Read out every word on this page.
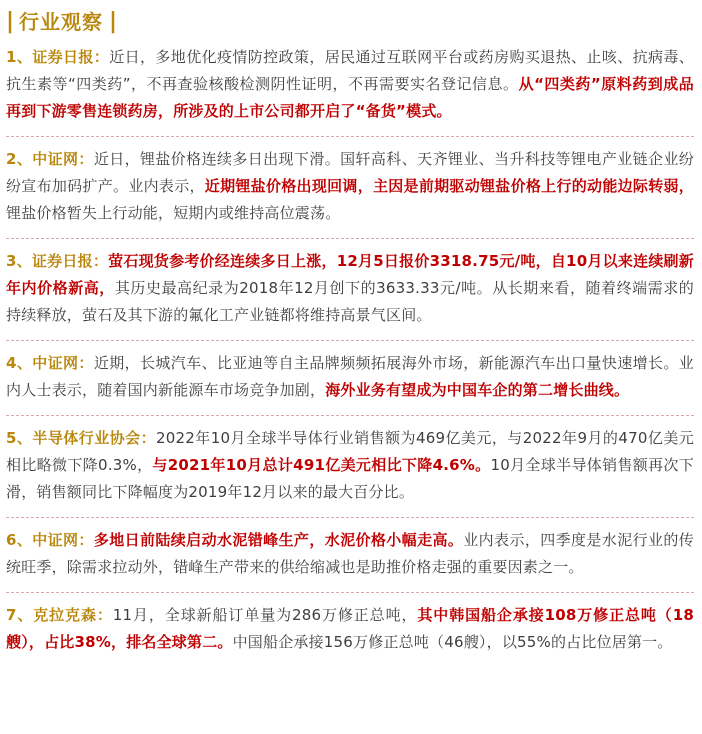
| 行业观察 |
1、证券日报：近日，多地优化疫情防控政策，居民通过互联网平台或药房购买退热、止咳、抗病毒、抗生素等“四类药”，不再查验核酸检测阴性证明，不再需要实名登记信息。从“四类药”原料药到成品再到下游零售连锁药房，所涉及的上市公司都开启了“备货”模式。
2、中证网：近日，锂盐价格连续多日出现下滑。国轩高科、天齐锂业、当升科技等锂电产业链企业纷纷宣布加码扩产。业内表示，近期锂盐价格出现回调，主因是前期驱动锂盐价格上行的动能边际转弱，锂盐价格暂失上行动能，短期内或维持高位震荡。
3、证券日报：萤石现货参考价经连续多日上涨，12月5日报价3318.75元/吨，自10月以来连续刷新年内价格新高，其历史最高纪录为2018年12月创下的3633.33元/吨。从长期来看，随着终端需求的持续释放，萤石及其下游的氟化工产业链都将维持高景气区间。
4、中证网：近期，长城汽车、比亚迪等自主品牌频频拓展海外市场，新能源汽车出口量快速增长。业内人士表示，随着国内新能源车市场竞争加剧，海外业务有望成为中国车企的第二增长曲线。
5、半导体行业协会：2022年10月全球半导体行业销售额为469亿美元，与2022年9月的470亿美元相比略微下降0.3%，与2021年10月总计491亿美元相比下降4.6%。10月全球半导体销售额再次下滑，销售额同比下降幅度为2019年12月以来的最大百分比。
6、中证网：多地日前陆续启动水泥错峰生产，水泥价格小幅走高。业内表示，四季度是水泥行业的传统旺季，除需求拉动外，错峰生产带来的供给缩减也是助推价格走强的重要因素之一。
7、克拉克森：11月，全球新船订单量为286万修正总吨，其中韩国船企承接108万修正总吨（18艘），占比38%，排名全球第二。中国船企承接156万修正总吨（46艘），以55%的占比位居第一。
